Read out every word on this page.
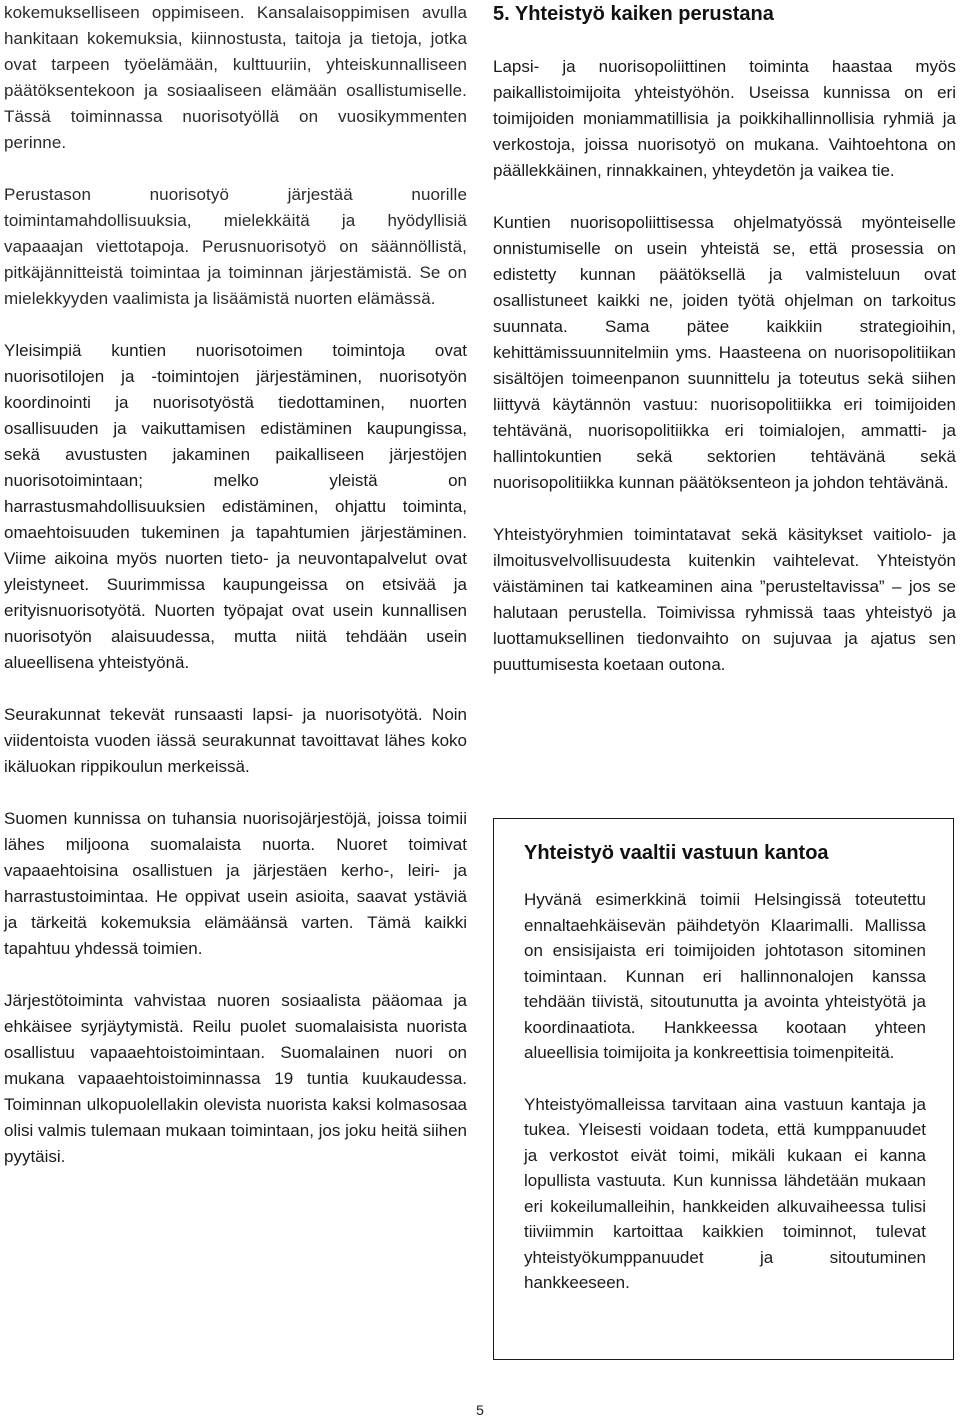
kokemukselliseen oppimiseen. Kansalaisoppimisen avulla hankitaan kokemuksia, kiinnostusta, taitoja ja tietoja, jotka ovat tarpeen työelämään, kulttuuriin, yhteiskunnalliseen päätöksentekoon ja sosiaaliseen elämään osallistumiselle. Tässä toiminnassa nuorisotyöllä on vuosikymmenten perinne.

Perustason nuorisotyö järjestää nuorille toimintamahdollisuuksia, mielekkäitä ja hyödyllisiä vapaaajan viettotapoja. Perusnuorisotyö on säännöllistä, pitkäjännitteistä toimintaa ja toiminnan järjestämistä. Se on mielekkyyden vaalimista ja lisäämistä nuorten elämässä.

Yleisimpiä kuntien nuorisotoimen toimintoja ovat nuorisotilojen ja -toimintojen järjestäminen, nuorisotyön koordinointi ja nuorisotyöstä tiedottaminen, nuorten osallisuuden ja vaikuttamisen edistäminen kaupungissa, sekä avustusten jakaminen paikalliseen järjestöjen nuorisotoimintaan; melko yleistä on harrastusmahdollisuuksien edistäminen, ohjattu toiminta, omaehtoisuuden tukeminen ja tapahtumien järjestäminen. Viime aikoina myös nuorten tieto- ja neuvontapalvelut ovat yleistyneet. Suurimmissa kaupungeissa on etsivää ja erityisnuorisotyötä. Nuorten työpajat ovat usein kunnallisen nuorisotyön alaisuudessa, mutta niitä tehdään usein alueellisena yhteistyönä.

Seurakunnat tekevät runsaasti lapsi- ja nuorisotyötä. Noin viidentoista vuoden iässä seurakunnat tavoittavat lähes koko ikäluokan rippikoulun merkeissä.

Suomen kunnissa on tuhansia nuorisojärjestöjä, joissa toimii lähes miljoona suomalaista nuorta. Nuoret toimivat vapaaehtoisina osallistuen ja järjestäen kerho-, leiri- ja harrastustoimintaa. He oppivat usein asioita, saavat ystäviä ja tärkeitä kokemuksia elämäänsä varten. Tämä kaikki tapahtuu yhdessä toimien.

Järjestötoiminta vahvistaa nuoren sosiaalista pääomaa ja ehkäisee syrjäytymistä. Reilu puolet suomalaisista nuorista osallistuu vapaaehtoistoimintaan. Suomalainen nuori on mukana vapaaehtoistoiminnassa 19 tuntia kuukaudessa. Toiminnan ulkopuolellakin olevista nuorista kaksi kolmasosaa olisi valmis tulemaan mukaan toimintaan, jos joku heitä siihen pyytäisi.

5. Yhteistyö kaiken perustana

Lapsi- ja nuorisopoliittinen toiminta haastaa myös paikallistoimijoita yhteistyöhön. Useissa kunnissa on eri toimijoiden moniammatillisia ja poikkihallinnollisia ryhmiä ja verkostoja, joissa nuorisotyö on mukana. Vaihtoehtona on päällekkäinen, rinnakkainen, yhteydetön ja vaikea tie.

Kuntien nuorisopoliittisessa ohjelmatyössä myönteiselle onnistumiselle on usein yhteistä se, että prosessia on edistetty kunnan päätöksellä ja valmisteluun ovat osallistuneet kaikki ne, joiden työtä ohjelman on tarkoitus suunnata. Sama pätee kaikkiin strategioihin, kehittämissuunnitelmiin yms. Haasteena on nuorisopolitiikan sisältöjen toimeenpanon suunnittelu ja toteutus sekä siihen liittyvä käytännön vastuu: nuorisopolitiikka eri toimijoiden tehtävänä, nuorisopolitiikka eri toimialojen, ammatti- ja hallintokuntien sekä sektorien tehtävänä sekä nuorisopolitiikka kunnan päätöksenteon ja johdon tehtävänä.

Yhteistyöryhmien toimintatavat sekä käsitykset vaitiolo- ja ilmoitusvelvollisuudesta kuitenkin vaihtelevat. Yhteistyön väistäminen tai katkeaminen aina ”perusteltavissa” – jos se halutaan perustella. Toimivissa ryhmissä taas yhteistyö ja luottamuksellinen tiedonvaihto on sujuvaa ja ajatus sen puuttumisesta koetaan outona.

Yhteistyö vaaltii vastuun kantoa

Hyvänä esimerkkinä toimii Helsingissä toteutettu ennaltaehkäisevän päihdetyön Klaarimalli. Mallissa on ensisijaista eri toimijoiden johtotason sitominen toimintaan. Kunnan eri hallinnonalojen kanssa tehdään tiivistä, sitoutunutta ja avointa yhteistyötä ja koordinaatiota. Hankkeessa kootaan yhteen alueellisia toimijoita ja konkreettisia toimenpiteitä.

Yhteistyömalleissa tarvitaan aina vastuun kantaja ja tukea. Yleisesti voidaan todeta, että kumppanuudet ja verkostot eivät toimi, mikäli kukaan ei kanna lopullista vastuuta. Kun kunnissa lähdetään mukaan eri kokeilumalleihin, hankkeiden alkuvaiheessa tulisi tiiviimmin kartoittaa kaikkien toiminnot, tulevat yhteistyökumppanuudet ja sitoutuminen hankkeeseen.

5
